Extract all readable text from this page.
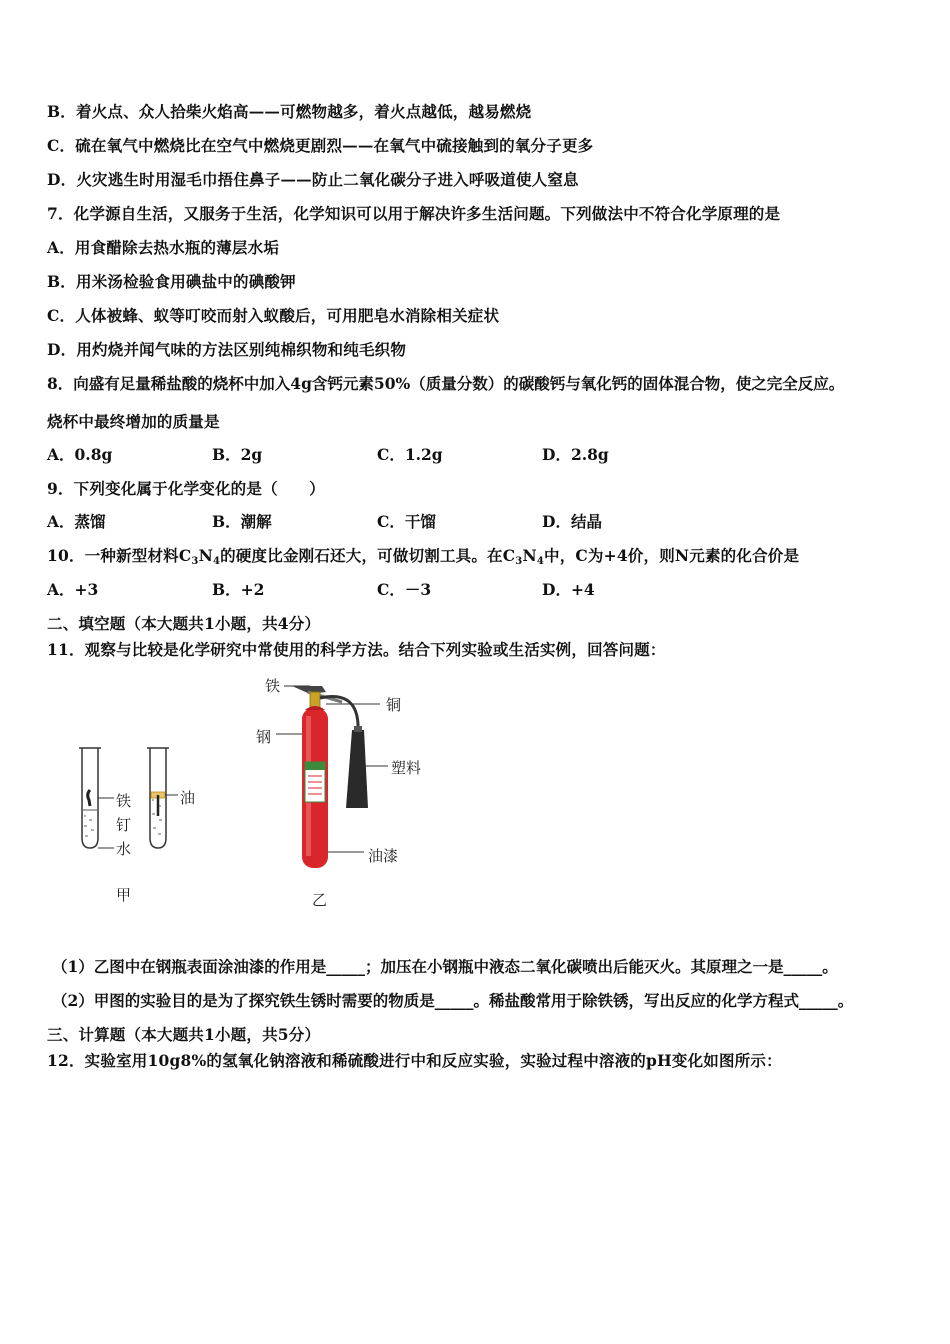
B．着火点、众人拾柴火焰高——可燃物越多，着火点越低，越易燃烧
C．硫在氧气中燃烧比在空气中燃烧更剧烈——在氧气中硫接触到的氧分子更多
D．火灾逃生时用湿毛巾捂住鼻子——防止二氧化碳分子进入呼吸道使人窒息
7．化学源自生活，又服务于生活，化学知识可以用于解决许多生活问题。下列做法中不符合化学原理的是
A．用食醋除去热水瓶的薄层水垢
B．用米汤检验食用碘盐中的碘酸钾
C．人体被蜂、蚁等叮咬而射入蚁酸后，可用肥皂水消除相关症状
D．用灼烧并闻气味的方法区别纯棉织物和纯毛织物
8．向盛有足量稀盐酸的烧杯中加入4g含钙元素50%（质量分数）的碳酸钙与氧化钙的固体混合物，使之完全反应。
烧杯中最终增加的质量是
A．0.8g	B．2g	C．1.2g	D．2.8g
9．下列变化属于化学变化的是（　　）
A．蒸馏	B．潮解	C．干馏	D．结晶
10．一种新型材料$C_3N_4$的硬度比金刚石还大，可做切割工具。在$C_3N_4$中，C为+4价，则N元素的化合价是
A．+3	B．+2	C．－3	D．+4
二、填空题（本大题共1小题，共4分）
11．观察与比较是化学研究中常使用的科学方法。结合下列实验或生活实例，回答问题：
铁
钉
水
油
甲
铁
铜
钢
塑料
油漆
乙
（1）乙图中在钢瓶表面涂油漆的作用是_____；加压在小钢瓶中液态二氧化碳喷出后能灭火。其原理之一是_____。
（2）甲图的实验目的是为了探究铁生锈时需要的物质是_____。稀盐酸常用于除铁锈，写出反应的化学方程式_____。
三、计算题（本大题共1小题，共5分）
12．实验室用10g8%的氢氧化钠溶液和稀硫酸进行中和反应实验，实验过程中溶液的pH变化如图所示：
